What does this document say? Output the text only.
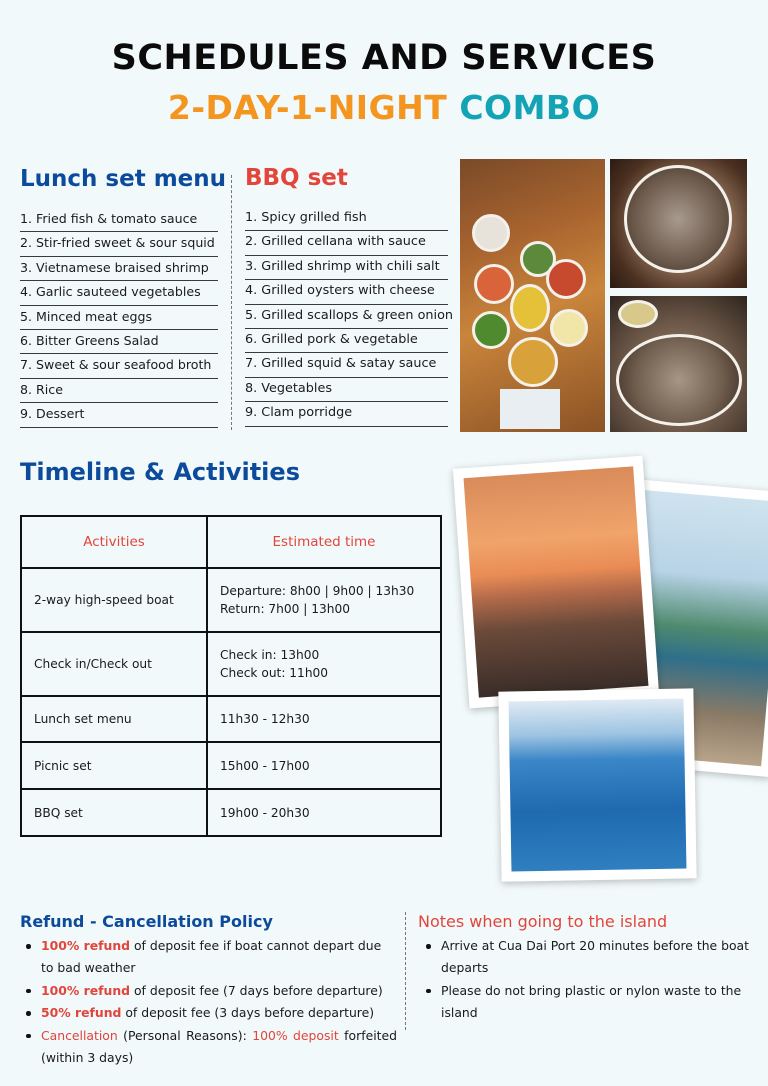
SCHEDULES AND SERVICES
2-DAY-1-NIGHT COMBO
Lunch set menu
1. Fried fish & tomato sauce
2. Stir-fried sweet & sour squid
3. Vietnamese braised shrimp
4. Garlic sauteed vegetables
5. Minced meat eggs
6. Bitter Greens Salad
7. Sweet & sour seafood broth
8. Rice
9. Dessert
BBQ set
1. Spicy grilled fish
2. Grilled cellana with sauce
3. Grilled shrimp with chili salt
4. Grilled oysters with cheese
5. Grilled scallops & green onion
6. Grilled pork & vegetable
7. Grilled squid & satay sauce
8. Vegetables
9. Clam porridge
Timeline & Activities
Activities	Estimated time
2-way high-speed boat	Departure: 8h00 | 9h00 | 13h30
Return: 7h00 | 13h00

Check in/Check out	Check in: 13h00
Check out: 11h00

Lunch set menu	11h30 - 12h30
Picnic set	15h00 - 17h00
BBQ set	19h00 - 20h30
Refund - Cancellation Policy
100% refund of deposit fee if boat cannot depart due to bad weather
100% refund of deposit fee (7 days before departure)
50% refund of deposit fee (3 days before departure)
Cancellation (Personal Reasons): 100% deposit forfeited (within 3 days)
Notes when going to the island
Arrive at Cua Dai Port 20 minutes before the boat departs
Please do not bring plastic or nylon waste to the island
